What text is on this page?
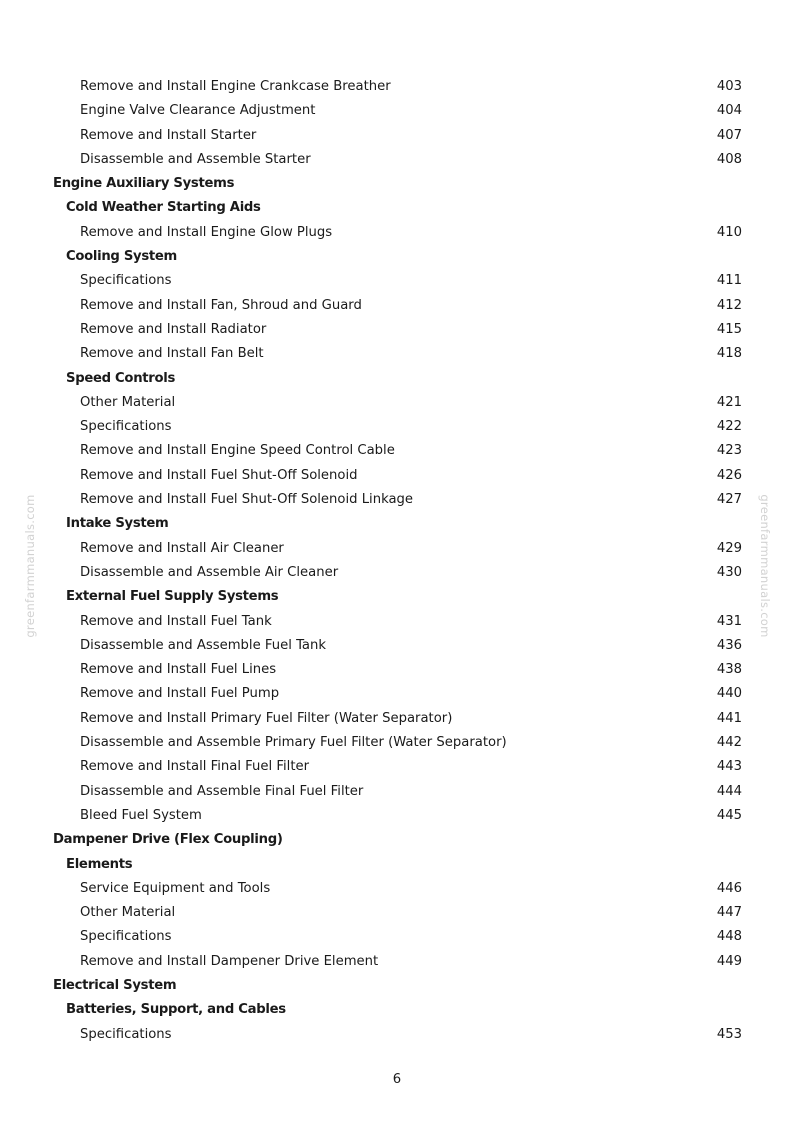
greenfarmmanuals.com	greenfarmmanuals.com
Remove and Install Engine Crankcase Breather	403
Engine Valve Clearance Adjustment	404
Remove and Install Starter	407
Disassemble and Assemble Starter	408
Engine Auxiliary Systems
Cold Weather Starting Aids
Remove and Install Engine Glow Plugs	410
Cooling System
Specifications	411
Remove and Install Fan, Shroud and Guard	412
Remove and Install Radiator	415
Remove and Install Fan Belt	418
Speed Controls
Other Material	421
Specifications	422
Remove and Install Engine Speed Control Cable	423
Remove and Install Fuel Shut-Off Solenoid	426
Remove and Install Fuel Shut-Off Solenoid Linkage	427
Intake System
Remove and Install Air Cleaner	429
Disassemble and Assemble Air Cleaner	430
External Fuel Supply Systems
Remove and Install Fuel Tank	431
Disassemble and Assemble Fuel Tank	436
Remove and Install Fuel Lines	438
Remove and Install Fuel Pump	440
Remove and Install Primary Fuel Filter (Water Separator)	441
Disassemble and Assemble Primary Fuel Filter (Water Separator)	442
Remove and Install Final Fuel Filter	443
Disassemble and Assemble Final Fuel Filter	444
Bleed Fuel System	445
Dampener Drive (Flex Coupling)
Elements
Service Equipment and Tools	446
Other Material	447
Specifications	448
Remove and Install Dampener Drive Element	449
Electrical System
Batteries, Support, and Cables
Specifications	453
6
